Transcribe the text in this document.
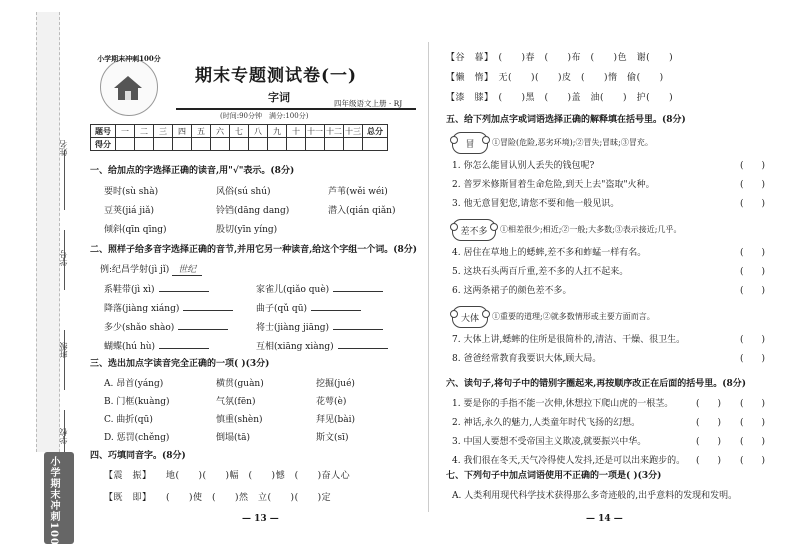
姓名
学号
班级
学校
小学期末冲刺100分
小学期末冲刺100分
期末专题测试卷(一)
字词	四年级语文上册 · RJ
(时间:90分钟　满分:100分)
题号	一	二	三	四	五	六	七	八	九	十	十一	十二	十三	总分
得分														
一、给加点的字选择正确的读音,用"√"表示。(8分)
要时(sù shà)	风俗(sú shú)	芦苇(wěi wéi)
豆荚(jiá jiǎ)	铃铛(dāng dang)	潜入(qián qiǎn)
倾斜(qīn qīng)	股切(yīn yíng)
二、照样子给多音字选择正确的音节,并用它另一种读音,给这个字组一个词。(8分)
例:纪昌学射(jì jǐ) 世纪
系鞋带(jì xì)	家雀儿(qiǎo què)
降落(jiàng xiáng)	曲子(qǔ qū)
多少(shǎo shào)	将士(jiàng jiāng)
蝴蝶(hú hù)	互相(xiāng xiàng)
三、选出加点字读音完全正确的一项( )(3分)
A. 昂首(yáng)	横贯(guàn)	挖掘(jué)
B. 门框(kuàng)	气氛(fēn)	花萼(è)
C. 曲折(qū)	慎重(shèn)	拜见(bài)
D. 惩罚(chěng)	倒塌(tā)	斯文(sī)
四、巧填同音字。(8分)
【震　振】　　地(　　)(　　)幅　(　　)憾　(　　)奋人心
【既　即】　　(　　)使　(　　)然　立(　　)(　　)定
— 13 —
【谷　暮】　(　　)春　(　　)布　(　　)色　谢(　　)
【懒　惰】　无(　　)(　　)皮　(　　)惰　偷(　　)
【漆　膝】　(　　)黑　(　　)盖　油(　　)　护(　　)
五、给下列加点字或词语选择正确的解释填在括号里。(8分)
冒	①冒险(危险,恶劣环境);②冒失;冒昧;③冒充。
1. 你怎么能冒认别人丢失的钱包呢?	(　　)
2. 普罗米修斯冒着生命危险,到天上去"盗取"火种。	(　　)
3. 他无意冒犯您,请您不要和他一般见识。	(　　)
差不多	①相差很少;相近;②一般;大多数;③表示接近;几乎。
4. 居住在草地上的蟋蟀,差不多和蚱蜢一样有名。	(　　)
5. 这块石头两百斤重,差不多的人扛不起来。	(　　)
6. 这两条裙子的颜色差不多。	(　　)
大体	①重要的道理;②就多数情形或主要方面而言。
7. 大体上讲,蟋蟀的住所是很简朴的,清洁、干燥、很卫生。	(　　)
8. 爸爸经常教育我要识大体,顾大局。	(　　)
六、读句子,将句子中的错别字圈起来,再按顺序改正在后面的括号里。(8分)
1. 要是你的手指不能一次伸,休想拉下爬山虎的一根茎。	(　　) (　　)
2. 神话,永久的魅力,人类童年时代飞扬的幻想。	(　　) (　　)
3. 中国人要想不受帝国主义欺凌,就要振兴中华。	(　　) (　　)
4. 我们很在冬天,天气冷得使人发抖,还是可以出来跑步的。 (　　) (　　)
七、下列句子中加点词语使用不正确的一项是( )(3分)
A. 人类利用现代科学技术获得那么多奇迹般的,出乎意料的发现和发明。
— 14 —
